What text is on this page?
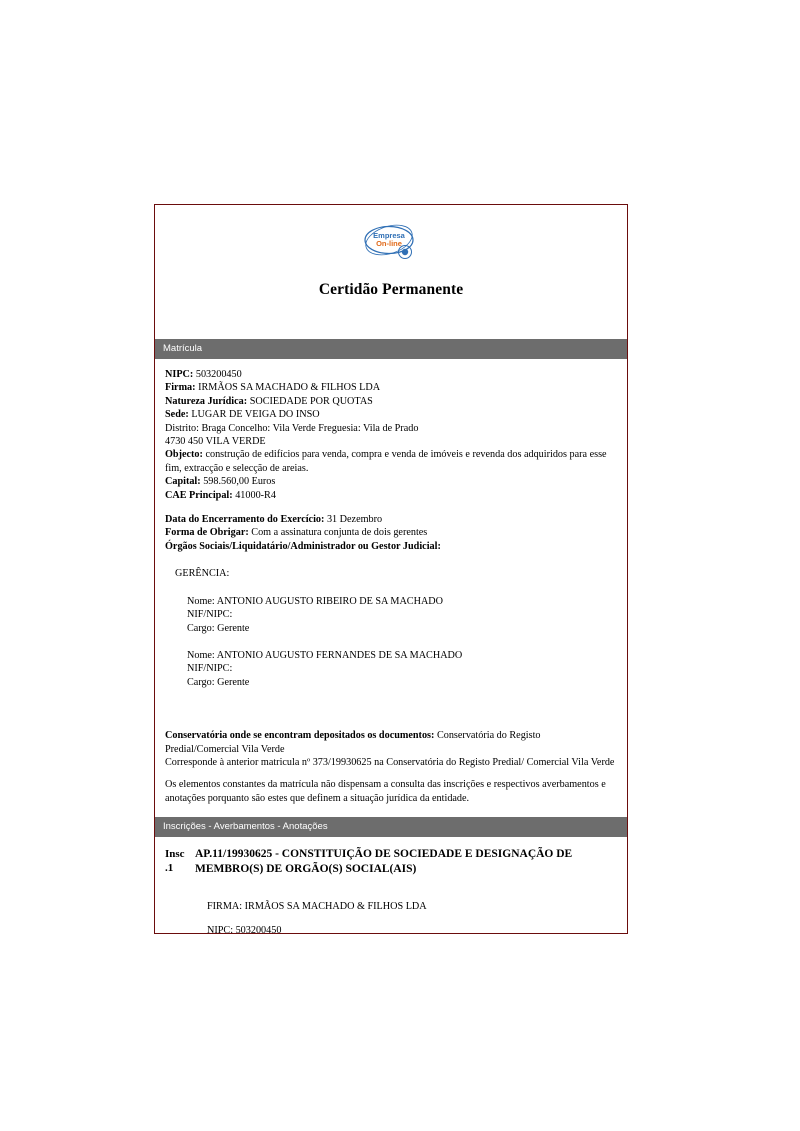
Empresa
On-line
Certidão Permanente
Matrícula

NIPC: 503200450

Firma: IRMÃOS SA MACHADO & FILHOS LDA

Natureza Jurídica: SOCIEDADE POR QUOTAS

Sede: LUGAR DE VEIGA DO INSO

Distrito: Braga Concelho: Vila Verde Freguesia: Vila de Prado

4730 450 VILA VERDE

Objecto: construção de edifícios para venda, compra e venda de imóveis e revenda dos adquiridos para esse fim, extracção e selecção de areias.

Capital: 598.560,00 Euros

CAE Principal: 41000-R4

Data do Encerramento do Exercício: 31 Dezembro

Forma de Obrigar: Com a assinatura conjunta de dois gerentes

Órgãos Sociais/Liquidatário/Administrador ou Gestor Judicial:

GERÊNCIA:

Nome: ANTONIO AUGUSTO RIBEIRO DE SA MACHADO

NIF/NIPC:

Cargo: Gerente

Nome: ANTONIO AUGUSTO FERNANDES DE SA MACHADO

NIF/NIPC:

Cargo: Gerente

Conservatória onde se encontram depositados os documentos: Conservatória do Registo Predial/Comercial Vila Verde

Corresponde à anterior matricula nº 373/19930625 na Conservatória do Registo Predial/ Comercial Vila Verde

Os elementos constantes da matrícula não dispensam a consulta das inscrições e respectivos averbamentos e anotações porquanto são estes que definem a situação jurídica da entidade.

Inscrições - Averbamentos - Anotações
Insc
.1
AP.11/19930625 - CONSTITUIÇÃO DE SOCIEDADE E DESIGNAÇÃO DE MEMBRO(S) DE ORGÃO(S) SOCIAL(AIS)

FIRMA: IRMÃOS SA MACHADO & FILHOS LDA

NIPC: 503200450
